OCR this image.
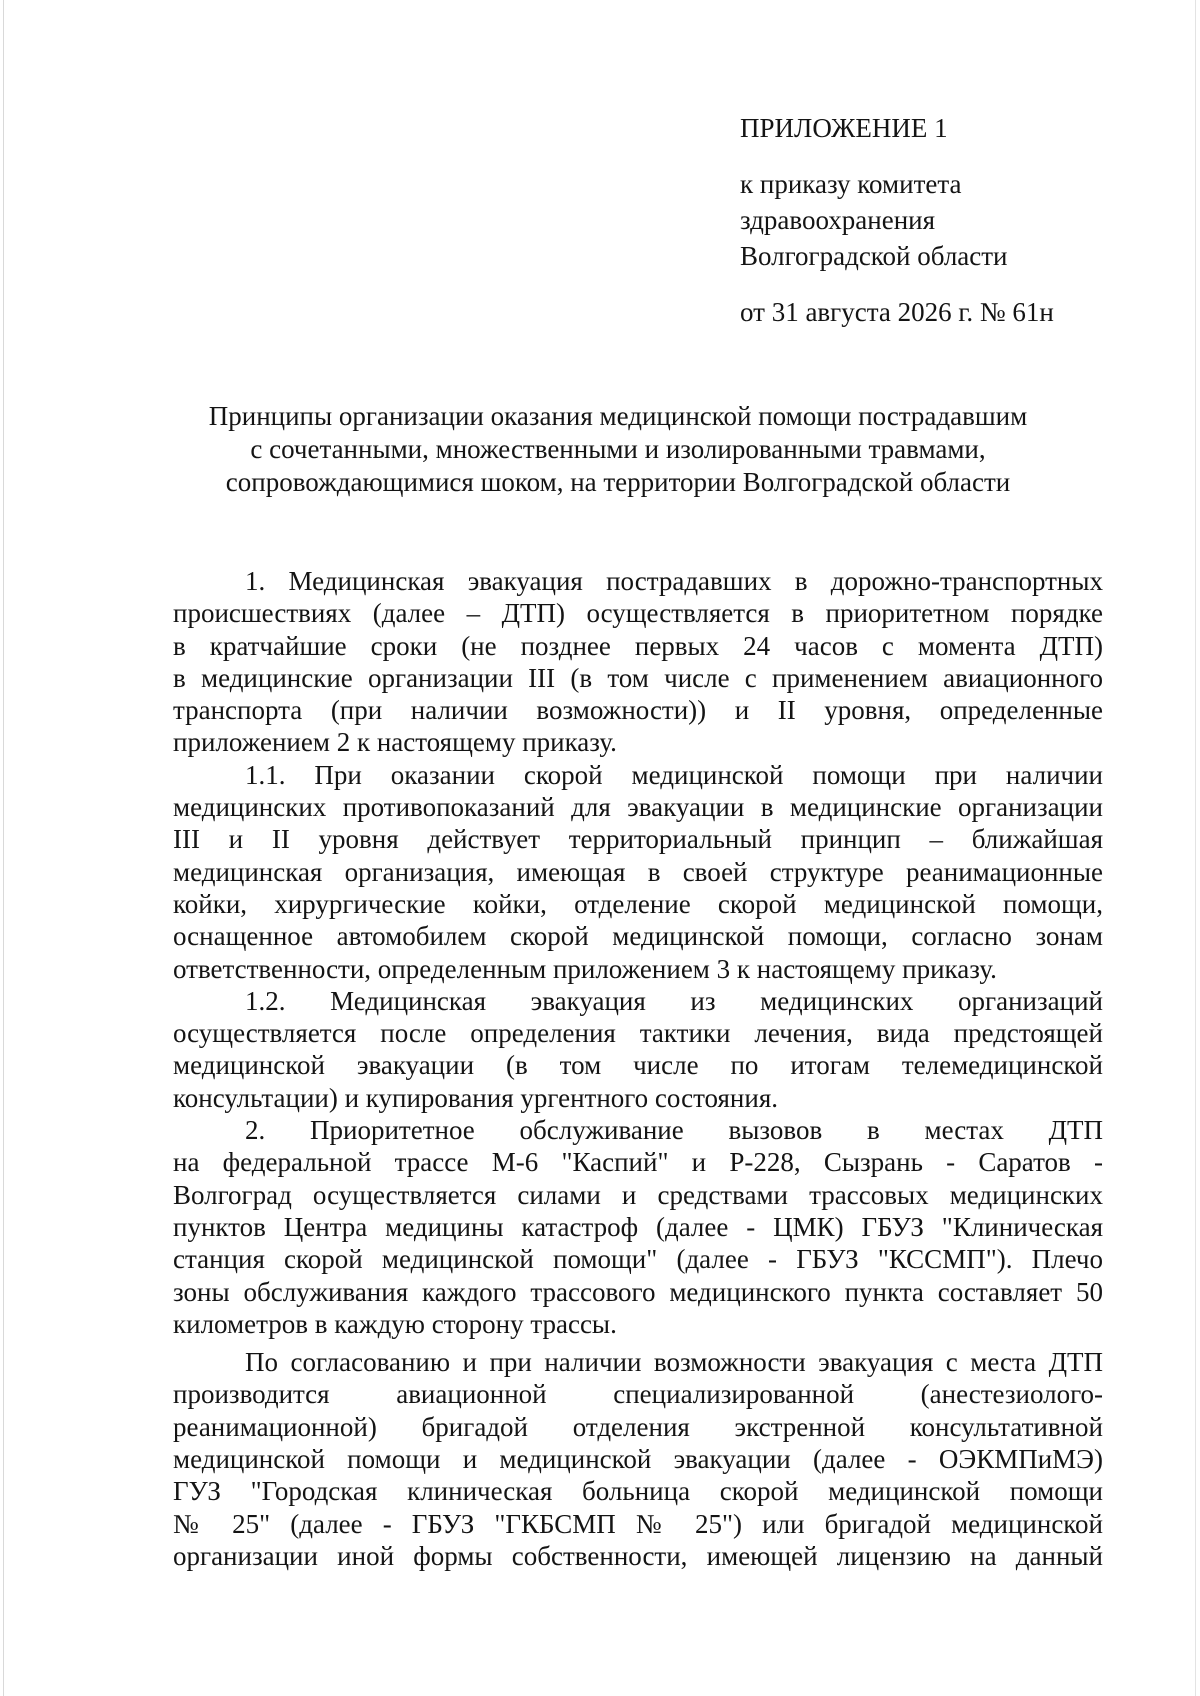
ПРИЛОЖЕНИЕ 1
к приказу комитета
здравоохранения
Волгоградской области
от 31 августа 2026 г. № 61н
Принципы организации оказания медицинской помощи пострадавшим
с сочетанными, множественными и изолированными травмами,
сопровождающимися шоком, на территории Волгоградской области
1. Медицинская эвакуация пострадавших в дорожно-транспортных
происшествиях (далее – ДТП) осуществляется в приоритетном порядке
в кратчайшие сроки (не позднее первых 24 часов с момента ДТП)
в медицинские организации III (в том числе с применением авиационного
транспорта (при наличии возможности)) и II уровня, определенные
приложением 2 к настоящему приказу.
1.1. При оказании скорой медицинской помощи при наличии
медицинских противопоказаний для эвакуации в медицинские организации
III и II уровня действует территориальный принцип – ближайшая
медицинская организация, имеющая в своей структуре реанимационные
койки, хирургические койки, отделение скорой медицинской помощи,
оснащенное автомобилем скорой медицинской помощи, согласно зонам
ответственности, определенным приложением 3 к настоящему приказу.
1.2. Медицинская эвакуация из медицинских организаций
осуществляется после определения тактики лечения, вида предстоящей
медицинской эвакуации (в том числе по итогам телемедицинской
консультации) и купирования ургентного состояния.
2. Приоритетное обслуживание вызовов в местах ДТП
на федеральной трассе М-6 "Каспий" и Р-228, Сызрань - Саратов -
Волгоград осуществляется силами и средствами трассовых медицинских
пунктов Центра медицины катастроф (далее - ЦМК) ГБУЗ "Клиническая
станция скорой медицинской помощи" (далее - ГБУЗ "КССМП"). Плечо
зоны обслуживания каждого трассового медицинского пункта составляет 50
километров в каждую сторону трассы.
По согласованию и при наличии возможности эвакуация с места ДТП
производится авиационной специализированной (анестезиолого-
реанимационной) бригадой отделения экстренной консультативной
медицинской помощи и медицинской эвакуации (далее - ОЭКМПиМЭ)
ГУЗ "Городская клиническая больница скорой медицинской помощи
№ 25" (далее - ГБУЗ "ГКБСМП № 25") или бригадой медицинской
организации иной формы собственности, имеющей лицензию на данный
